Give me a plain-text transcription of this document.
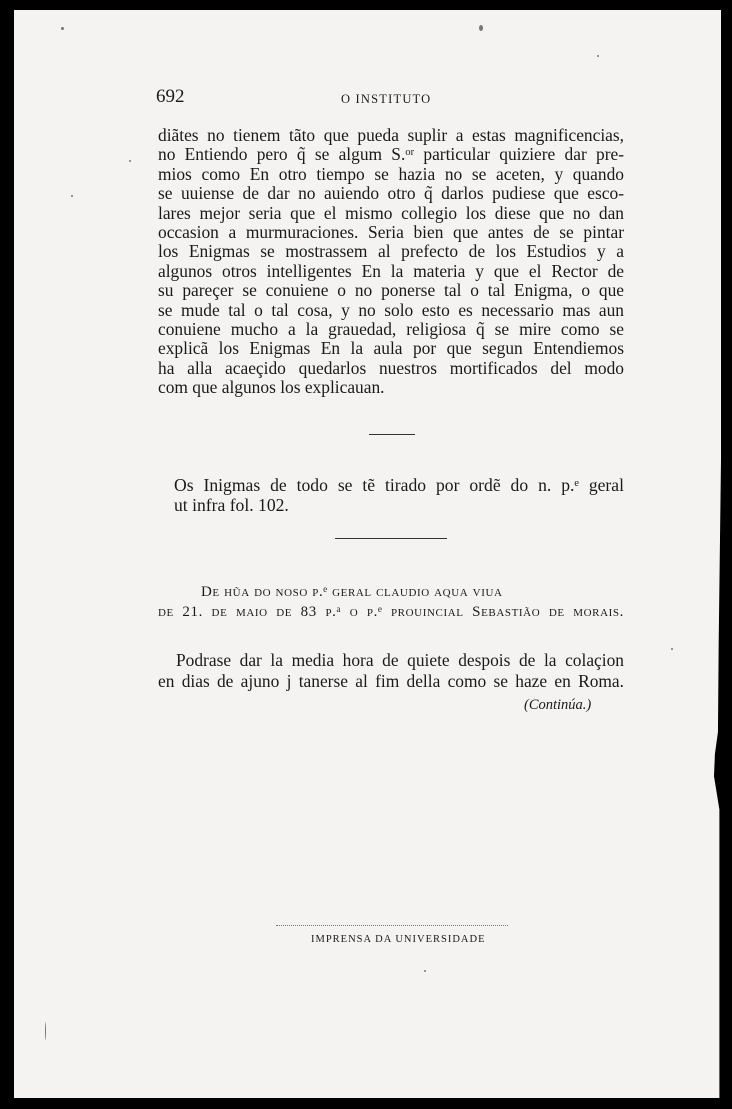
692	O INSTITUTO
diãtes no tienem tãto que pueda suplir a estas magnificencias,
no Entiendo pero q̃ se algum S.ᵒʳ particular quiziere dar pre-
mios como En otro tiempo se hazia no se aceten, y quando
se uuiense de dar no auiendo otro q̃ darlos pudiese que esco-
lares mejor seria que el mismo collegio los diese que no dan
occasion a murmuraciones. Seria bien que antes de se pintar
los Enigmas se mostrassem al prefecto de los Estudios y a
algunos otros intelligentes En la materia y que el Rector de
su pareçer se conuiene o no ponerse tal o tal Enigma, o que
se mude tal o tal cosa, y no solo esto es necessario mas aun
conuiene mucho a la grauedad, religiosa q̃ se mire como se
explicã los Enigmas En la aula por que segun Entendiemos
ha alla acaeçido quedarlos nuestros mortificados del modo
com que algunos los explicauan.
Os Inigmas de todo se tẽ tirado por ordẽ do n. p.ᵉ geral
ut infra fol. 102.
De hũa do noso p.ᵉ geral claudio aqua viua
de 21. de maio de 83 p.ᵃ o p.ᵉ prouincial Sebastião de morais.
Podrase dar la media hora de quiete despois de la colaçion
en dias de ajuno j tanerse al fim della como se haze en Roma.
(Continúa.)
IMPRENSA DA UNIVERSIDADE
